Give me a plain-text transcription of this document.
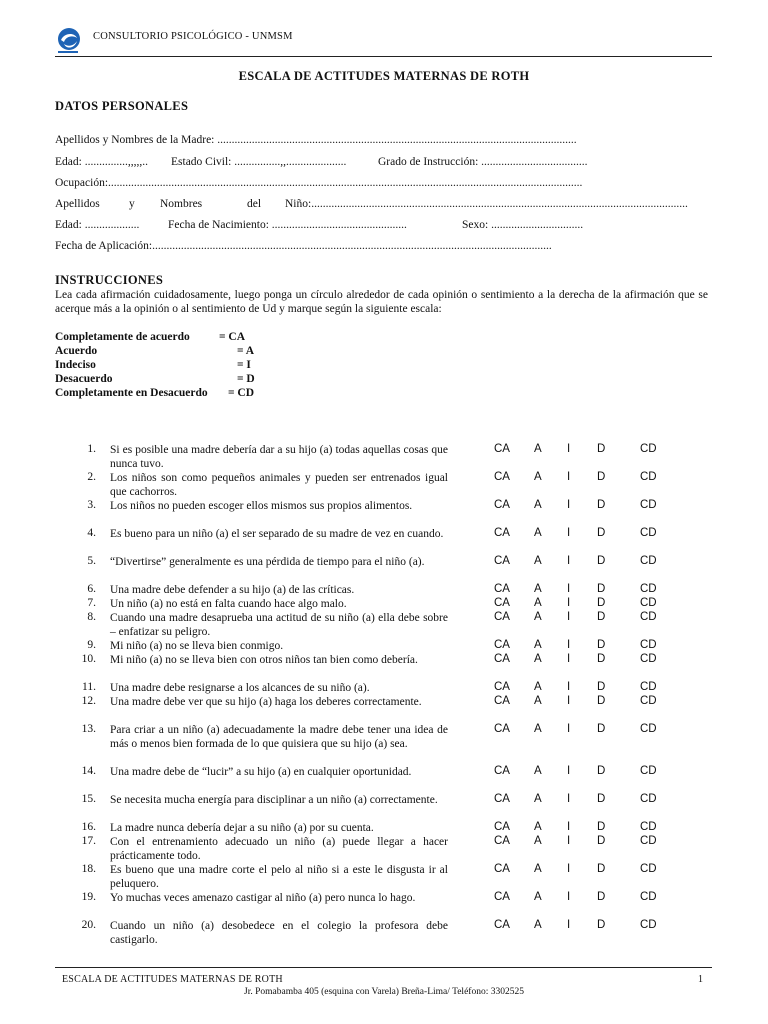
CONSULTORIO PSICOLÓGICO - UNMSM
ESCALA DE ACTITUDES MATERNAS DE ROTH
DATOS PERSONALES
Apellidos y Nombres de la Madre: .............................................................................................................................
Edad: ...............,,,,,.. Estado Civil: ................,,.....................	Grado de Instrucción: .....................................
Ocupación:.....................................................................................................................................................................
Apellidos	y Nombres	del Niño:...................................................................................................................................
Edad: ................... Fecha de Nacimiento: ...............................................	Sexo: ................................
Fecha de Aplicación:...........................................................................................................................................
INSTRUCCIONES
Lea cada afirmación cuidadosamente, luego ponga un círculo alrededor de cada opinión o sentimiento a la derecha de la afirmación que se acerque más a la opinión o al sentimiento de Ud y marque según la siguiente escala:
Completamente de acuerdo	= CA
Acuerdo	= A
Indeciso	= I
Desacuerdo	= D
Completamente en Desacuerdo = CD
1. Si es posible una madre debería dar a su hijo (a) todas aquellas cosas que nunca tuvo.
CA A I D	CD
2. Los niños son como pequeños animales y pueden ser entrenados igual que cachorros.
CA A I D	CD
3. Los niños no pueden escoger ellos mismos sus propios alimentos.	CA A I D	CD
4. Es bueno para un niño (a) el ser separado de su madre de vez en cuando.	CA A I D	CD
5. “Divertirse” generalmente es una pérdida de tiempo para el niño (a).	CA A I D	CD
6. Una madre debe defender a su hijo (a) de las críticas.	CA A I D	CD
7. Un niño (a) no está en falta cuando hace algo malo.	CA A I D	CD
8. Cuando una madre desaprueba una actitud de su niño (a) ella debe sobre – enfatizar su peligro.
CA A I D	CD
9. Mi niño (a) no se lleva bien conmigo.	CA A I D	CD
10. Mi niño (a) no se lleva bien con otros niños tan bien como debería.	CA A I D	CD
11. Una madre debe resignarse a los alcances de su niño (a).	CA A I D	CD
12. Una madre debe ver que su hijo (a) haga los deberes correctamente.	CA A I D	CD
13. Para criar a un niño (a) adecuadamente la madre debe tener una idea de más o menos bien formada de lo que quisiera que su hijo (a) sea.
CA A I D	CD
14. Una madre debe de “lucir” a su hijo (a) en cualquier oportunidad.	CA A I D	CD
15. Se necesita mucha energía para disciplinar a un niño (a) correctamente.	CA A I D	CD
16. La madre nunca debería dejar a su niño (a) por su cuenta.	CA A I D	CD
17. Con el entrenamiento adecuado un niño (a) puede llegar a hacer prácticamente todo.
CA A I D	CD
18. Es bueno que una madre corte el pelo al niño si a este le disgusta ir al peluquero.
CA A I D	CD
19. Yo muchas veces amenazo castigar al niño (a) pero nunca lo hago.	CA A I D	CD
20. Cuando un niño (a) desobedece en el colegio la profesora debe castigarlo.
CA A I D	CD
ESCALA DE ACTITUDES MATERNAS DE ROTH	1
Jr. Pomabamba 405 (esquina con Varela) Breña-Lima/ Teléfono: 3302525
